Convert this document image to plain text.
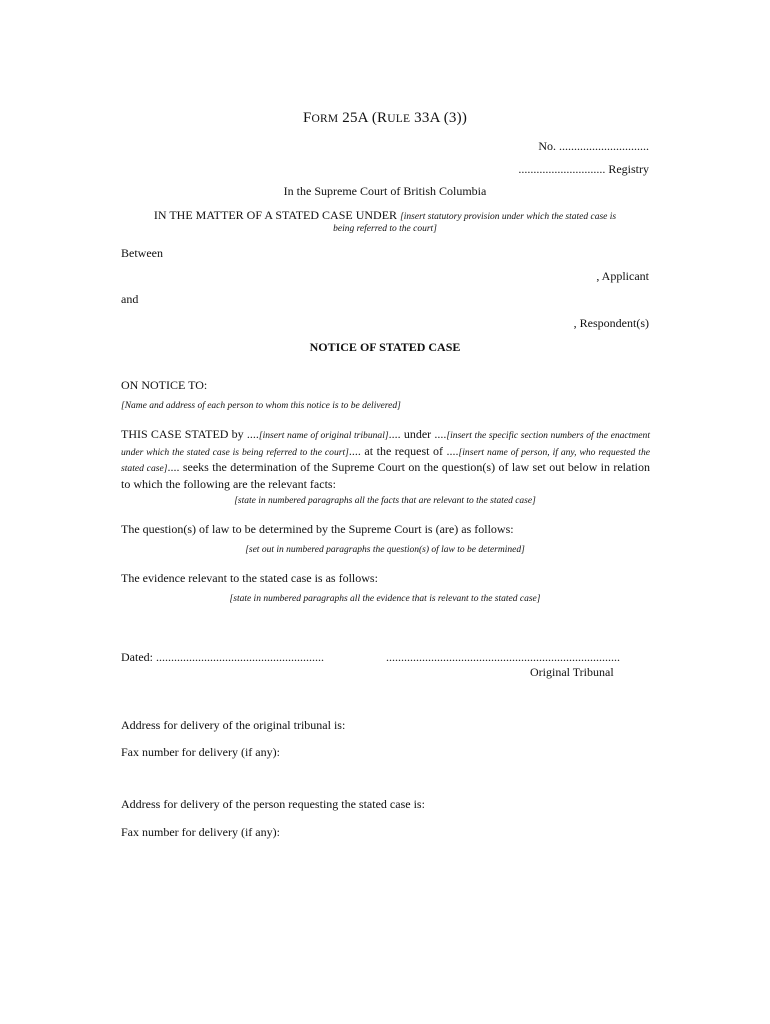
FORM 25A (RULE 33A (3))
No. ..............................
............................. Registry
In the Supreme Court of British Columbia
IN THE MATTER OF A STATED CASE UNDER [insert statutory provision under which the stated case is
being referred to the court]
Between
, Applicant
and
, Respondent(s)
NOTICE OF STATED CASE
ON NOTICE TO:
[Name and address of each person to whom this notice is to be delivered]
THIS CASE STATED by ....[insert name of original tribunal].... under ....[insert the specific section numbers of the enactment under which the stated case is being referred to the court].... at the request of ....[insert name of person, if any, who requested the stated case].... seeks the determination of the Supreme Court on the question(s) of law set out below in relation to which the following are the relevant facts:
[state in numbered paragraphs all the facts that are relevant to the stated case]
The question(s) of law to be determined by the Supreme Court is (are) as follows:
[set out in numbered paragraphs the question(s) of law to be determined]
The evidence relevant to the stated case is as follows:
[state in numbered paragraphs all the evidence that is relevant to the stated case]
Dated: ........................................................	..............................................................................
Original Tribunal
Address for delivery of the original tribunal is:
Fax number for delivery (if any):
Address for delivery of the person requesting the stated case is:
Fax number for delivery (if any):
